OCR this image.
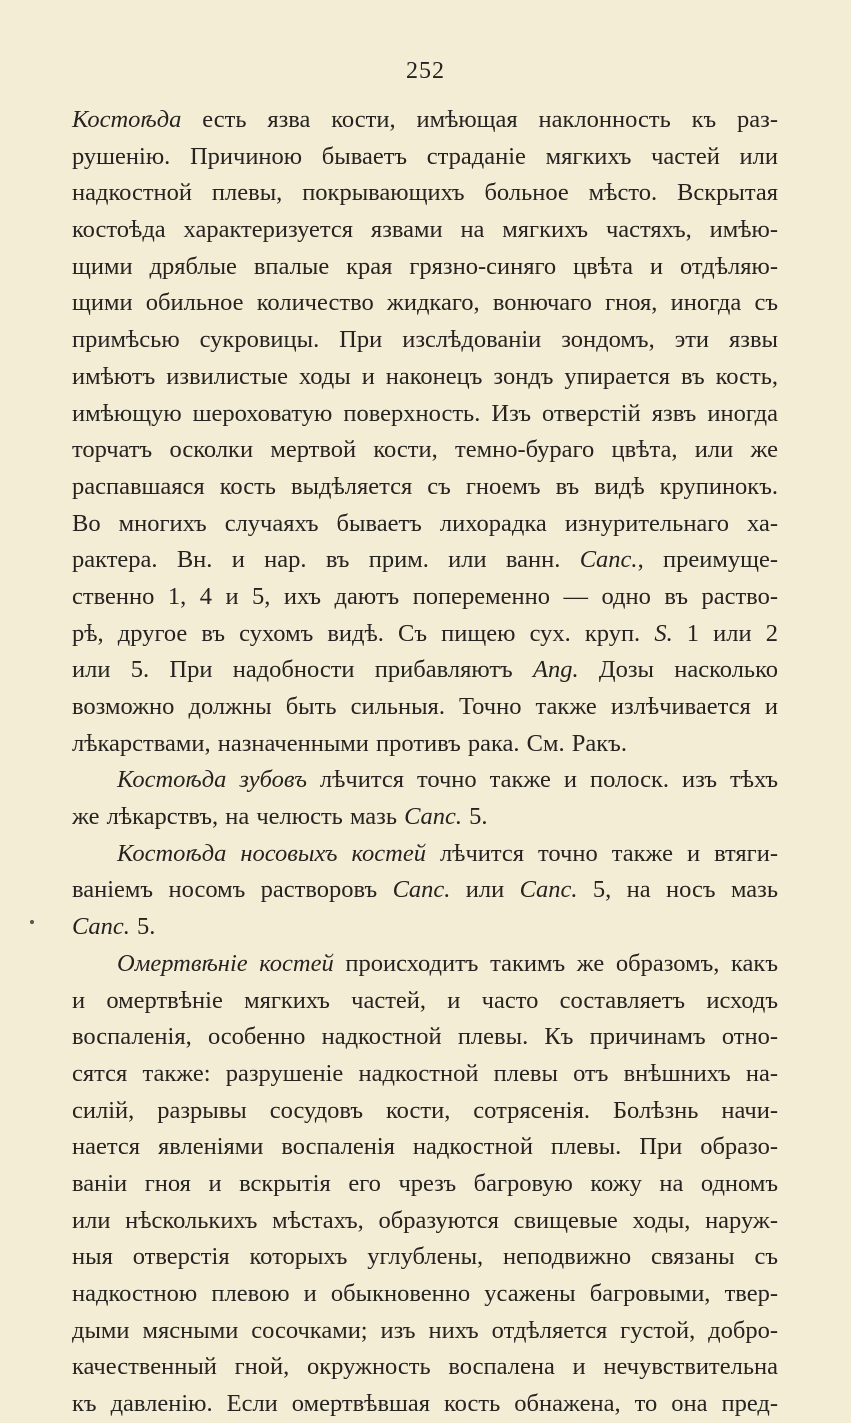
252
Костоѣда есть язва кости, имѣющая наклонность къ раз-
рушенію. Причиною бываетъ страданіе мягкихъ частей или
надкостной плевы, покрывающихъ больное мѣсто. Вскрытая
костоѣда характеризуется язвами на мягкихъ частяхъ, имѣю-
щими дряблые впалые края грязно-синяго цвѣта и отдѣляю-
щими обильное количество жидкаго, вонючаго гноя, иногда съ
примѣсью сукровицы. При изслѣдованіи зондомъ, эти язвы
имѣютъ извилистые ходы и наконецъ зондъ упирается въ кость,
имѣющую шероховатую поверхность. Изъ отверстій язвъ иногда
торчатъ осколки мертвой кости, темно-бураго цвѣта, или же
распавшаяся кость выдѣляется съ гноемъ въ видѣ крупинокъ.
Во многихъ случаяхъ бываетъ лихорадка изнурительнаго ха-
рактера. Вн. и нар. въ прим. или ванн. Canc., преимуще-
ственно 1, 4 и 5, ихъ даютъ попеременно — одно въ раство-
рѣ, другое въ сухомъ видѣ. Съ пищею сух. круп. S. 1 или 2
или 5. При надобности прибавляютъ Ang. Дозы насколько
возможно должны быть сильныя. Точно также излѣчивается и
лѣкарствами, назначенными противъ рака. См. Ракъ.
Костоѣда зубовъ лѣчится точно также и полоск. изъ тѣхъ
же лѣкарствъ, на челюсть мазь Canc. 5.
Костоѣда носовыхъ костей лѣчится точно также и втяги-
ваніемъ носомъ растворовъ Canc. или Canc. 5, на носъ мазь
Canc. 5.
Омертвѣніе костей происходитъ такимъ же образомъ, какъ
и омертвѣніе мягкихъ частей, и часто составляетъ исходъ
воспаленія, особенно надкостной плевы. Къ причинамъ отно-
сятся также: разрушеніе надкостной плевы отъ внѣшнихъ на-
силій, разрывы сосудовъ кости, сотрясенія. Болѣзнь начи-
нается явленіями воспаленія надкостной плевы. При образо-
ваніи гноя и вскрытія его чрезъ багровую кожу на одномъ
или нѣсколькихъ мѣстахъ, образуются свищевые ходы, наруж-
ныя отверстія которыхъ углублены, неподвижно связаны съ
надкостною плевою и обыкновенно усажены багровыми, твер-
дыми мясными сосочками; изъ нихъ отдѣляется густой, добро-
качественный гной, окружность воспалена и нечувствительна
къ давленію. Если омертвѣвшая кость обнажена, то она пред-
